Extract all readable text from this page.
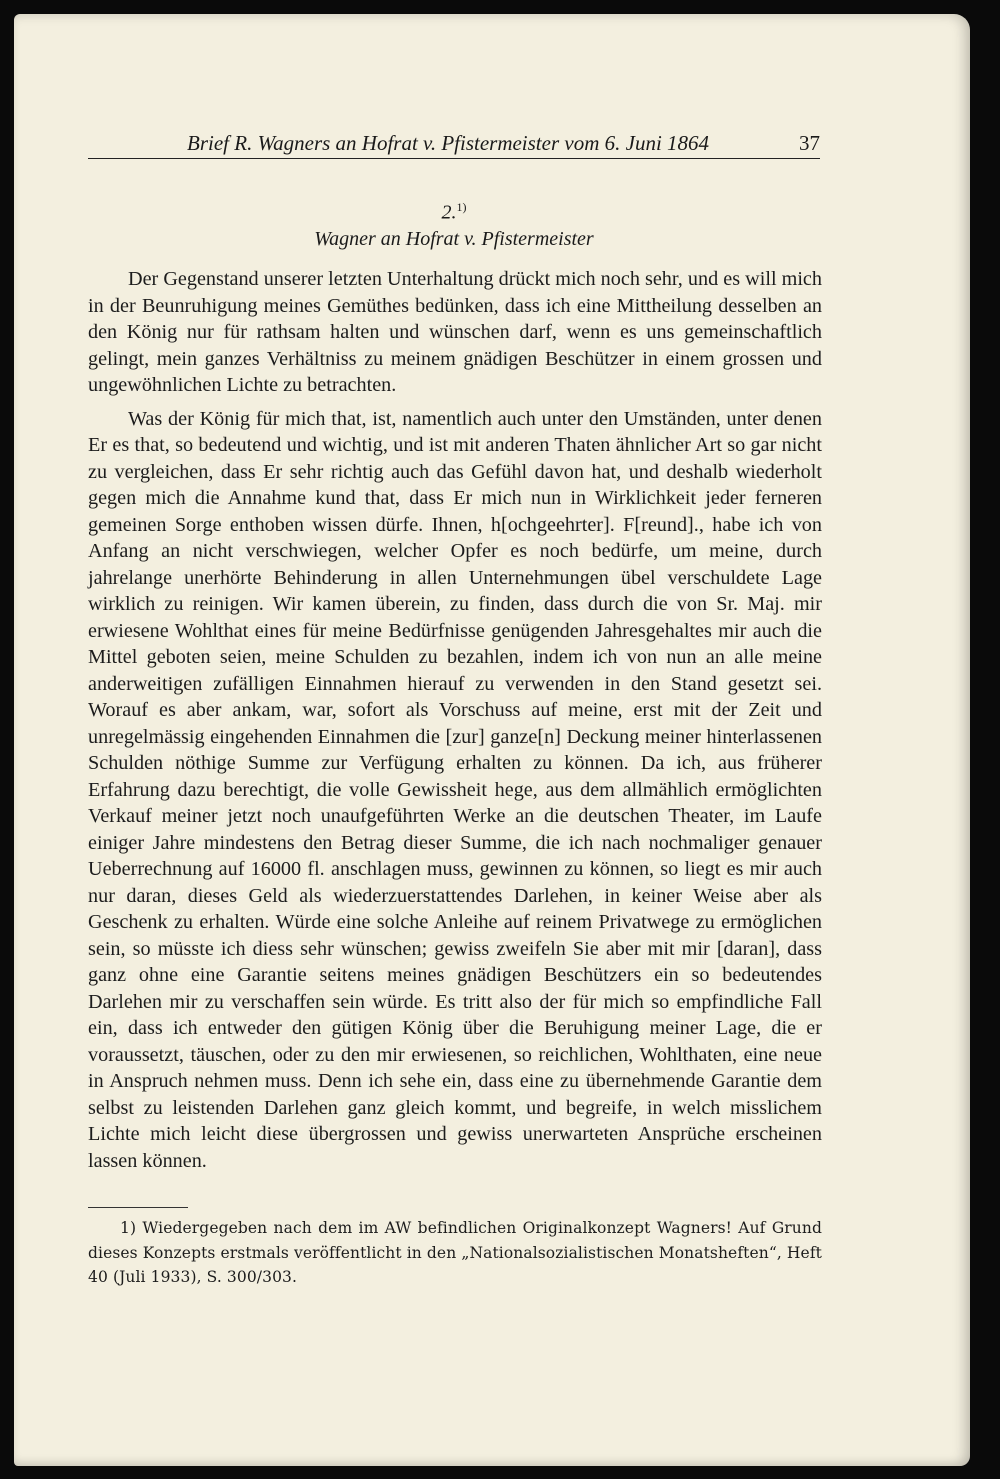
Brief R. Wagners an Hofrat v. Pfistermeister vom 6. Juni 1864	37
2.$^{1)}$
Wagner an Hofrat v. Pfistermeister

Der Gegenstand unserer letzten Unterhaltung drückt mich noch sehr, und es will mich in der Beunruhigung meines Gemüthes bedünken, dass ich eine Mittheilung desselben an den König nur für rathsam halten und wünschen darf, wenn es uns gemeinschaftlich gelingt, mein ganzes Verhältniss zu meinem gnädigen Beschützer in einem grossen und ungewöhnlichen Lichte zu betrachten.

Was der König für mich that, ist, namentlich auch unter den Umständen, unter denen Er es that, so bedeutend und wichtig, und ist mit anderen Thaten ähnlicher Art so gar nicht zu vergleichen, dass Er sehr richtig auch das Gefühl davon hat, und deshalb wiederholt gegen mich die Annahme kund that, dass Er mich nun in Wirklichkeit jeder ferneren gemeinen Sorge enthoben wissen dürfe. Ihnen, h[ochgeehrter]. F[reund]., habe ich von Anfang an nicht verschwiegen, welcher Opfer es noch bedürfe, um meine, durch jahrelange unerhörte Behinderung in allen Unternehmungen übel verschuldete Lage wirklich zu reinigen. Wir kamen überein, zu finden, dass durch die von Sr. Maj. mir erwiesene Wohlthat eines für meine Bedürfnisse genügenden Jahresgehaltes mir auch die Mittel geboten seien, meine Schulden zu bezahlen, indem ich von nun an alle meine anderweitigen zufälligen Einnahmen hierauf zu verwenden in den Stand gesetzt sei. Worauf es aber ankam, war, sofort als Vorschuss auf meine, erst mit der Zeit und unregelmässig eingehenden Einnahmen die [zur] ganze[n] Deckung meiner hinterlassenen Schulden nöthige Summe zur Verfügung erhalten zu können. Da ich, aus früherer Erfahrung dazu berechtigt, die volle Gewissheit hege, aus dem allmählich ermöglichten Verkauf meiner jetzt noch unaufgeführten Werke an die deutschen Theater, im Laufe einiger Jahre mindestens den Betrag dieser Summe, die ich nach nochmaliger genauer Ueberrechnung auf 16000 fl. anschlagen muss, gewinnen zu können, so liegt es mir auch nur daran, dieses Geld als wiederzuerstattendes Darlehen, in keiner Weise aber als Geschenk zu erhalten. Würde eine solche Anleihe auf reinem Privatwege zu ermöglichen sein, so müsste ich diess sehr wünschen; gewiss zweifeln Sie aber mit mir [daran], dass ganz ohne eine Garantie seitens meines gnädigen Beschützers ein so bedeutendes Darlehen mir zu verschaffen sein würde. Es tritt also der für mich so empfindliche Fall ein, dass ich entweder den gütigen König über die Beruhigung meiner Lage, die er voraussetzt, täuschen, oder zu den mir erwiesenen, so reichlichen, Wohlthaten, eine neue in Anspruch nehmen muss. Denn ich sehe ein, dass eine zu übernehmende Garantie dem selbst zu leistenden Darlehen ganz gleich kommt, und begreife, in welch misslichem Lichte mich leicht diese übergrossen und gewiss unerwarteten Ansprüche erscheinen lassen können.

1) Wiedergegeben nach dem im AW befindlichen Originalkonzept Wagners! Auf Grund dieses Konzepts erstmals veröffentlicht in den „Nationalsozialistischen Monatsheften“, Heft 40 (Juli 1933), S. 300/303.
